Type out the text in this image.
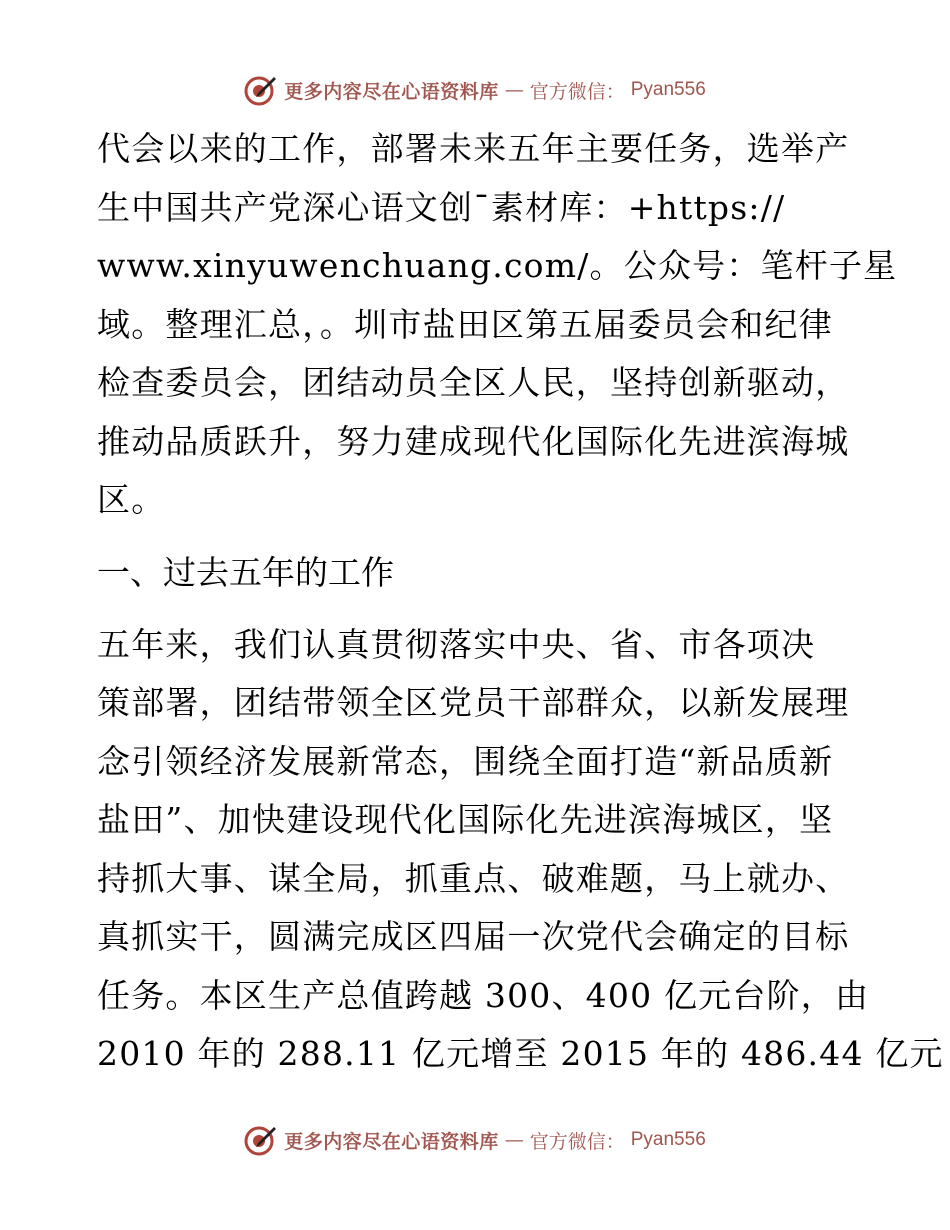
更多内容尽在心语资料库 — 官方微信： Pyan556
代会以来的工作，部署未来五年主要任务，选举产
生中国共产党深心语文创¯素材库：+https://
www.xinyuwenchuang.com/。公众号：笔杆子星
域。整理汇总，。圳市盐田区第五届委员会和纪律
检查委员会，团结动员全区人民，坚持创新驱动，
推动品质跃升，努力建成现代化国际化先进滨海城
区。
一、过去五年的工作
五年来，我们认真贯彻落实中央、省、市各项决
策部署，团结带领全区党员干部群众，以新发展理
念引领经济发展新常态，围绕全面打造“新品质新
盐田”、加快建设现代化国际化先进滨海城区，坚
持抓大事、谋全局，抓重点、破难题，马上就办、
真抓实干，圆满完成区四届一次党代会确定的目标
任务。本区生产总值跨越 300、400 亿元台阶，由
2010 年的 288.11 亿元增至 2015 年的 486.44 亿元
更多内容尽在心语资料库 — 官方微信： Pyan556
